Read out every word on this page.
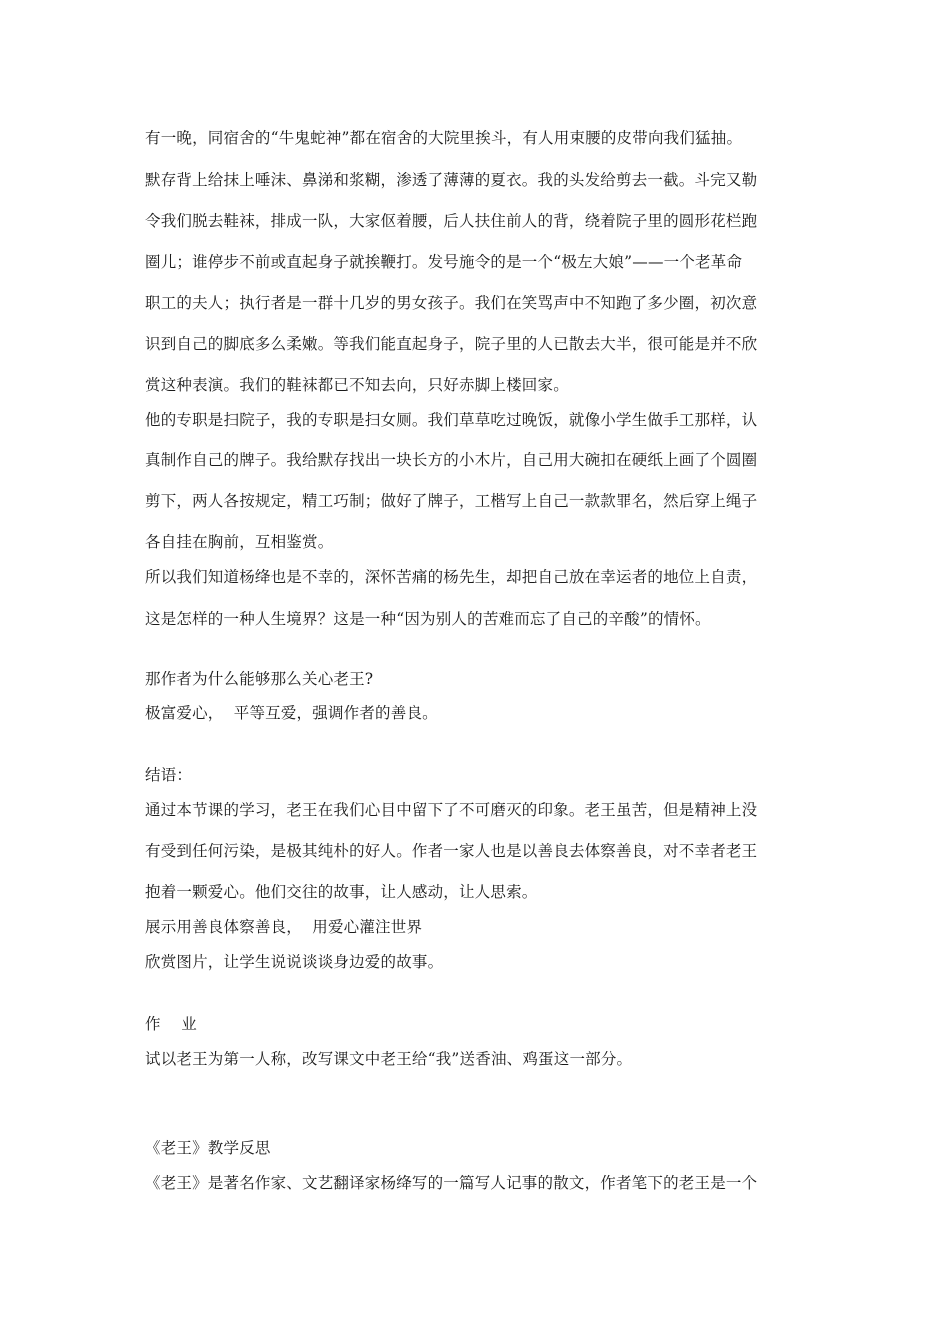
有一晚，同宿舍的“牛鬼蛇神”都在宿舍的大院里挨斗，有人用束腰的皮带向我们猛抽。
默存背上给抹上唾沫、鼻涕和浆糊，渗透了薄薄的夏衣。我的头发给剪去一截。斗完又勒
令我们脱去鞋袜，排成一队，大家伛着腰，后人扶住前人的背，绕着院子里的圆形花栏跑
圈儿；谁停步不前或直起身子就挨鞭打。发号施令的是一个“极左大娘”——一个老革命
职工的夫人；执行者是一群十几岁的男女孩子。我们在笑骂声中不知跑了多少圈，初次意
识到自己的脚底多么柔嫩。等我们能直起身子，院子里的人已散去大半，很可能是并不欣
赏这种表演。我们的鞋袜都已不知去向，只好赤脚上楼回家。
他的专职是扫院子，我的专职是扫女厕。我们草草吃过晚饭，就像小学生做手工那样，认
真制作自己的牌子。我给默存找出一块长方的小木片，自己用大碗扣在硬纸上画了个圆圈
剪下，两人各按规定，精工巧制；做好了牌子，工楷写上自己一款款罪名，然后穿上绳子
各自挂在胸前，互相鉴赏。
所以我们知道杨绛也是不幸的，深怀苦痛的杨先生，却把自己放在幸运者的地位上自责，
这是怎样的一种人生境界？这是一种“因为别人的苦难而忘了自己的辛酸”的情怀。
那作者为什么能够那么关心老王?
极富爱心，  平等互爱，强调作者的善良。
结语：
通过本节课的学习，老王在我们心目中留下了不可磨灭的印象。老王虽苦，但是精神上没
有受到任何污染，是极其纯朴的好人。作者一家人也是以善良去体察善良，对不幸者老王
抱着一颗爱心。他们交往的故事，让人感动，让人思索。
展示用善良体察善良，  用爱心灌注世界
欣赏图片，让学生说说谈谈身边爱的故事。
作    业
试以老王为第一人称，改写课文中老王给“我”送香油、鸡蛋这一部分。
《老王》教学反思
《老王》是著名作家、文艺翻译家杨绛写的一篇写人记事的散文，作者笔下的老王是一个
